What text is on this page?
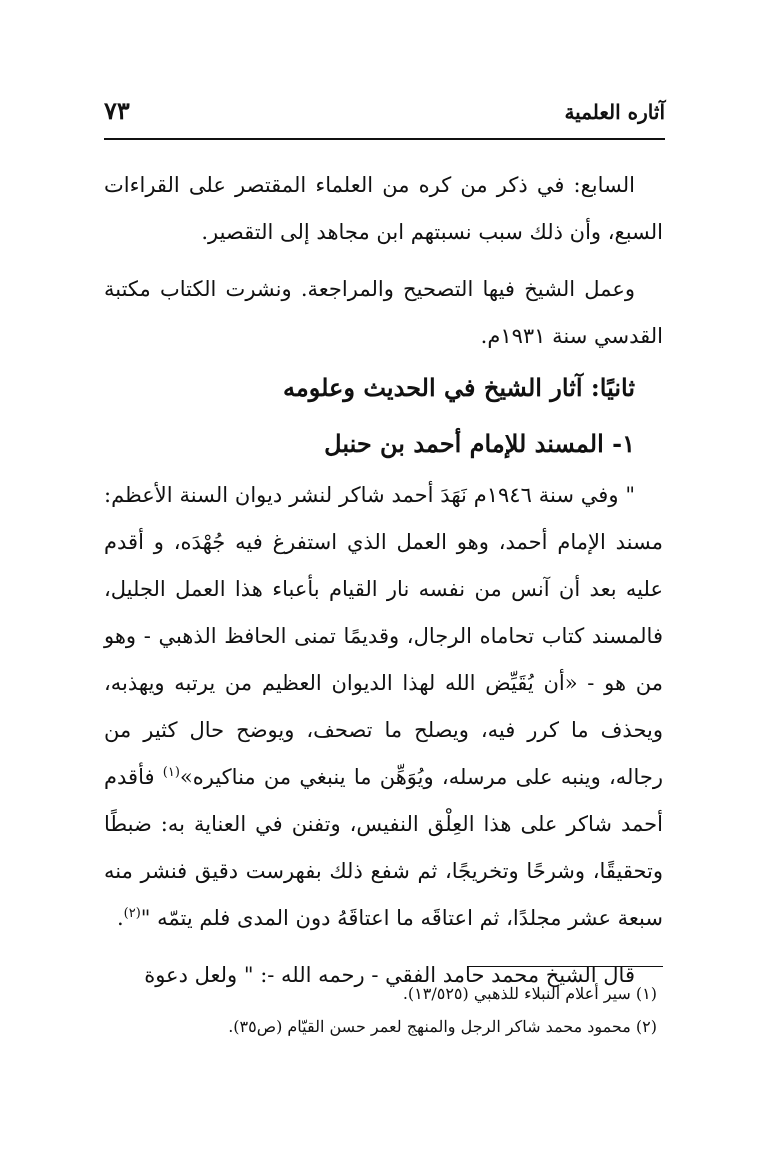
آثاره العلمية
٧٣

السابع: في ذكر من كره من العلماء المقتصر على القراءات السبع، وأن ذلك سبب نسبتهم ابن مجاهد إلى التقصير.

وعمل الشيخ فيها التصحيح والمراجعة. ونشرت الكتاب مكتبة القدسي سنة ١٩٣١م.

ثانيًا: آثار الشيخ في الحديث وعلومه
١- المسند للإمام أحمد بن حنبل

" وفي سنة ١٩٤٦م نَهَدَ أحمد شاكر لنشر ديوان السنة الأعظم: مسند الإمام أحمد، وهو العمل الذي استفرغ فيه جُهْدَه، و أقدم عليه بعد أن آنس من نفسه نار القيام بأعباء هذا العمل الجليل، فالمسند كتاب تحاماه الرجال، وقديمًا تمنى الحافظ الذهبي - وهو من هو - «أن يُقَيِّض الله لهذا الديوان العظيم من يرتبه ويهذبه، ويحذف ما كرر فيه، ويصلح ما تصحف، ويوضح حال كثير من رجاله، وينبه على مرسله، ويُوَهِّن ما ينبغي من مناكيره»$^{(١)}$ فأقدم أحمد شاكر على هذا العِلْق النفيس، وتفنن في العناية به: ضبطًا وتحقيقًا، وشرحًا وتخريجًا، ثم شفع ذلك بفهرست دقيق فنشر منه سبعة عشر مجلدًا، ثم اعتاقَه ما اعتاقَهُ دون المدى فلم يتمّه "$^{(٢)}$.

قال الشيخ محمد حامد الفقي - رحمه الله -: " ولعل دعوة

(١) سير أعلام النبلاء للذهبي (١٣/٥٢٥).
(٢) محمود محمد شاكر الرجل والمنهج لعمر حسن القيّام (ص٣٥).
